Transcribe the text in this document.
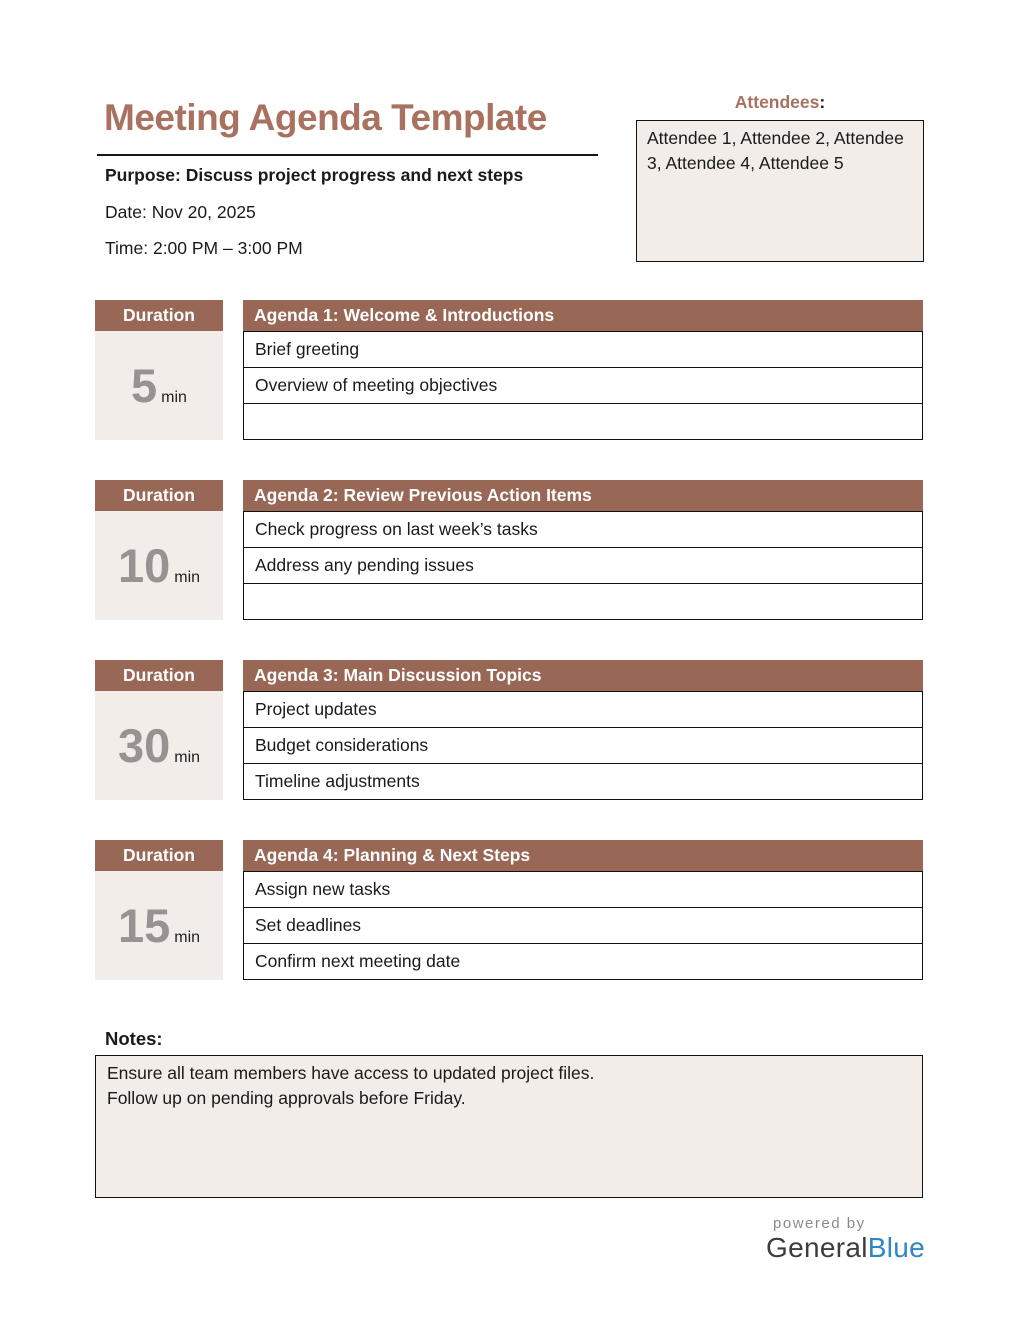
Meeting Agenda Template
Purpose: Discuss project progress and next steps
Date: Nov 20, 2025
Time: 2:00 PM – 3:00 PM
Attendees:
Attendee 1, Attendee 2, Attendee 3, Attendee 4, Attendee 5
Duration
5 min
Agenda 1: Welcome & Introductions
Brief greeting
Overview of meeting objectives
Duration
10 min
Agenda 2: Review Previous Action Items
Check progress on last week’s tasks
Address any pending issues
Duration
30 min
Agenda 3: Main Discussion Topics
Project updates
Budget considerations
Timeline adjustments
Duration
15 min
Agenda 4: Planning & Next Steps
Assign new tasks
Set deadlines
Confirm next meeting date
Notes:
Ensure all team members have access to updated project files.
Follow up on pending approvals before Friday.
powered by
GeneralBlue
